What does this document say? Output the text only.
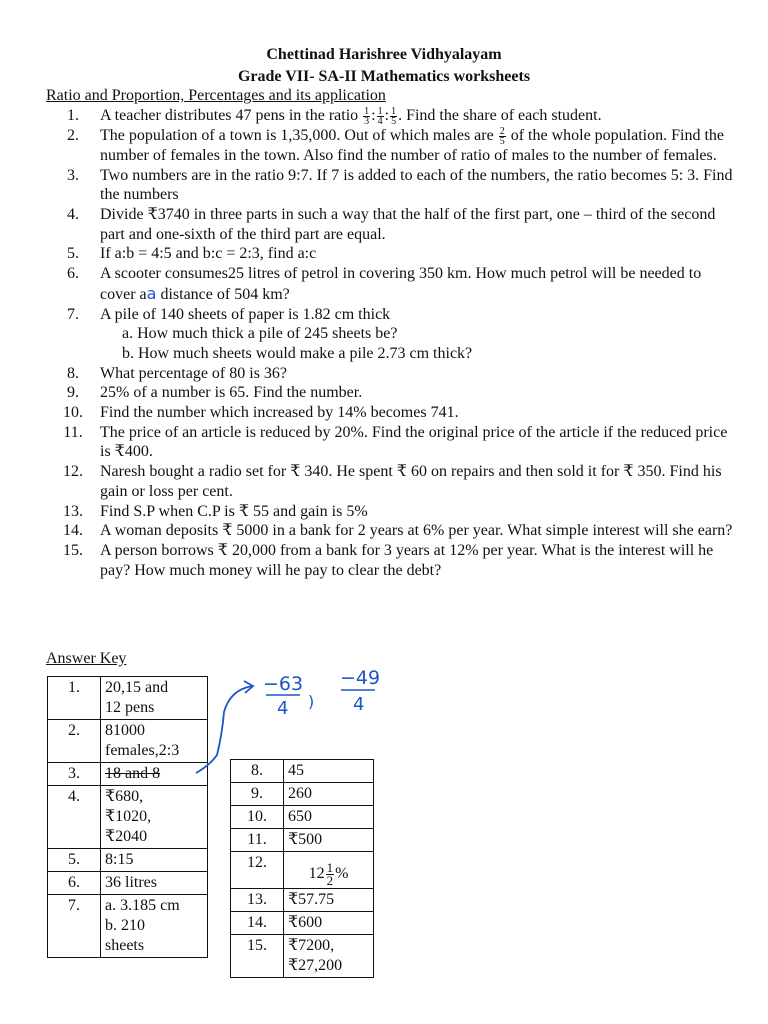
Chettinad Harishree Vidhyalayam
Grade VII- SA-II Mathematics worksheets
Ratio and Proportion, Percentages and its application
1.	A teacher distributes 47 pens in the ratio $\frac{1}{3}$ : $\frac{1}{4}$ : $\frac{1}{5}$ . Find the share of each student.
2.	The population of a town is 1,35,000. Out of which males are $\frac{2}{5}$ of the whole population. Find the number of females in the town. Also find the number of ratio of males to the number of females.
3.	Two numbers are in the ratio 9:7. If 7 is added to each of the numbers, the ratio becomes 5: 3. Find the numbers
4.	Divide ₹3740 in three parts in such a way that the half of the first part, one – third of the second part and one-sixth of the third part are equal.
5.	If a:b = 4:5 and b:c = 2:3, find a:c
6.	A scooter consumes25 litres of petrol in covering 350 km. How much petrol will be needed to cover aa distance of 504 km?
7.	A pile of 140 sheets of paper is 1.82 cm thick
a. How much thick a pile of 245 sheets be?
b. How much sheets would make a pile 2.73 cm thick?
8.	What percentage of 80 is 36?
9.	25% of a number is 65. Find the number.
10.	Find the number which increased by 14% becomes 741.
11.	The price of an article is reduced by 20%. Find the original price of the article if the reduced price is ₹400.
12.	Naresh bought a radio set for ₹ 340. He spent ₹ 60 on repairs and then sold it for ₹ 350. Find his gain or loss per cent.
13.	Find S.P when C.P is ₹ 55 and gain is 5%
14.	A woman deposits ₹ 5000 in a bank for 2 years at 6% per year. What simple interest will she earn?
15.	A person borrows ₹ 20,000 from a bank for 3 years at 12% per year. What is the interest will he pay? How much money will he pay to clear the debt?
Answer Key
1.	20,15 and
12 pens

2.	81000
females,2:3

3.	18 and 8

4.	₹680,
₹1020,
₹2040

5.	8:15

6.	36 litres

7.	a. 3.185 cm
b. 210
sheets
8.	45

9.	260

10.	650

11.	₹500

12.	$12 \frac{1}{2}$ %
13.	₹57.75

14.	₹600

15.	₹7200,
₹27,200
−63
4 )
−49
4
